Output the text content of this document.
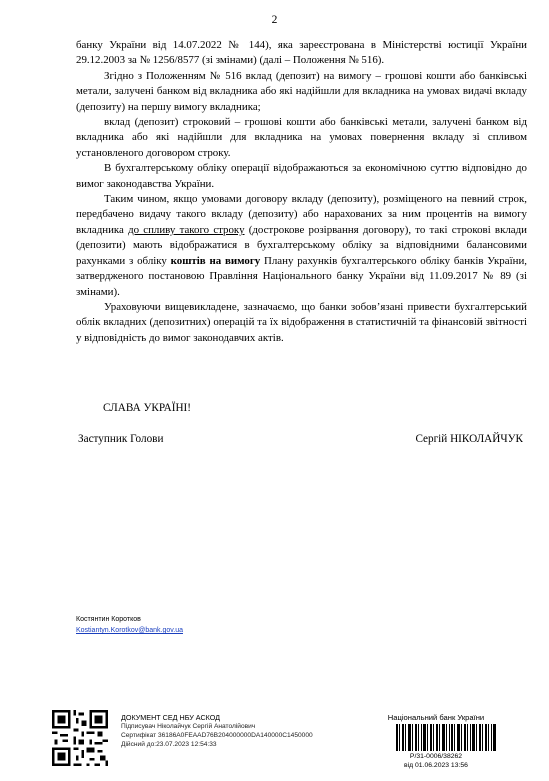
2

банку України від 14.07.2022 № 144), яка зареєстрована в Міністерстві юстиції України 29.12.2003 за № 1256/8577 (зі змінами) (далі – Положення № 516).

Згідно з Положенням № 516 вклад (депозит) на вимогу – грошові кошти або банківські метали, залучені банком від вкладника або які надійшли для вкладника на умовах видачі вкладу (депозиту) на першу вимогу вкладника;

вклад (депозит) строковий – грошові кошти або банківські метали, залучені банком від вкладника або які надійшли для вкладника на умовах повернення вкладу зі спливом установленого договором строку.

В бухгалтерському обліку операції відображаються за економічною суттю відповідно до вимог законодавства України.

Таким чином, якщо умовами договору вкладу (депозиту), розміщеного на певний строк, передбачено видачу такого вкладу (депозиту) або нарахованих за ним процентів на вимогу вкладника до спливу такого строку (дострокове розірвання договору), то такі строкові вклади (депозити) мають відображатися в бухгалтерському обліку за відповідними балансовими рахунками з обліку коштів на вимогу Плану рахунків бухгалтерського обліку банків України, затвердженого постановою Правління Національного банку України від 11.09.2017 № 89 (зі змінами).

Ураховуючи вищевикладене, зазначаємо, що банки зобов’язані привести бухгалтерський облік вкладних (депозитних) операцій та їх відображення в статистичній та фінансовій звітності у відповідність до вимог законодавчих актів.

СЛАВА УКРАЇНІ!
Заступник Голови	Сергій НІКОЛАЙЧУК
Костянтин Коротков
Kostiantyn.Korotkov@bank.gov.ua
ДОКУМЕНТ СЕД НБУ АСКОД
Підписувач Ніколайчук Сергій Анатолійович
Сертифікат 36186A0FEAAD76B204000000DA140000C1450000
Дійсний до:23.07.2023 12:54:33
Національний банк України
Р/31-0006/38262
від 01.06.2023 13:56
